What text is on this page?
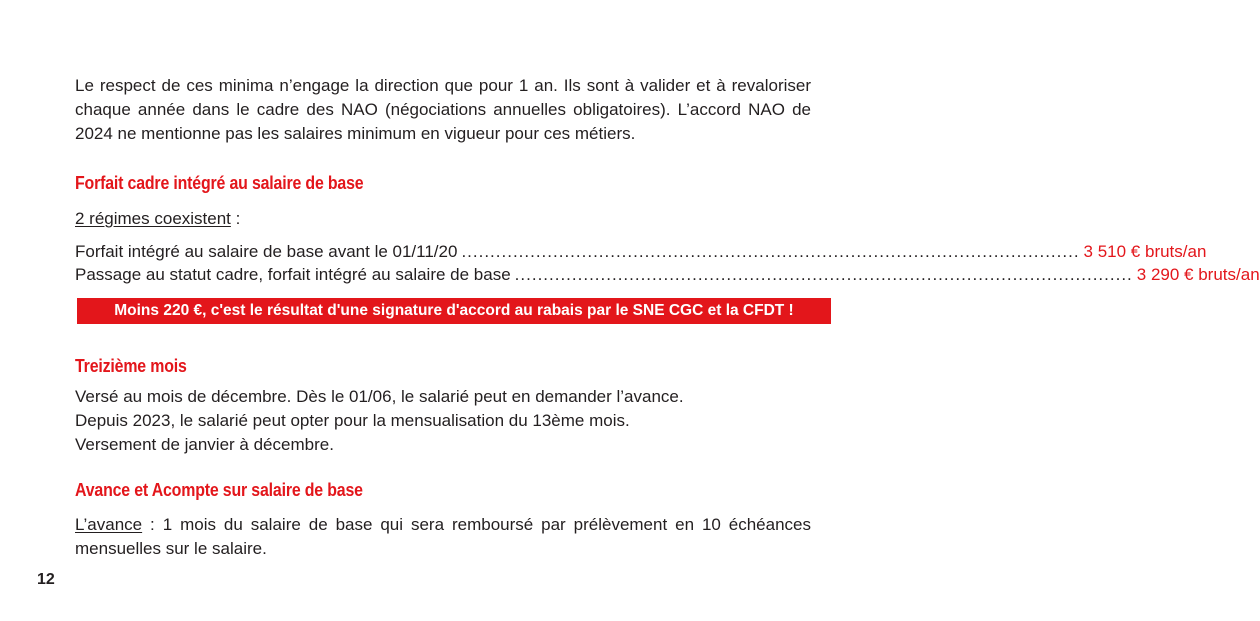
Le respect de ces minima n’engage la direction que pour 1 an. Ils sont à valider et à revaloriser chaque année dans le cadre des NAO (négociations annuelles obligatoires). L’accord NAO de 2024 ne mentionne pas les salaires minimum en vigueur pour ces métiers.

Forfait cadre intégré au salaire de base
2 régimes coexistent :
Forfait intégré au salaire de base avant le 01/11/20 ............................................................................................................ 3 510 € bruts/an
Passage au statut cadre, forfait intégré au salaire de base ............................................................................................................ 3 290 € bruts/an
Moins 220 €, c'est le résultat d'une signature d'accord au rabais par le SNE CGC et la CFDT !
Treizième mois

Versé au mois de décembre. Dès le 01/06, le salarié peut en demander l’avance.

Depuis 2023, le salarié peut opter pour la mensualisation du 13ème mois.

Versement de janvier à décembre.

Avance et Acompte sur salaire de base

L’avance : 1 mois du salaire de base qui sera remboursé par prélèvement en 10 échéances mensuelles sur le salaire.

12
